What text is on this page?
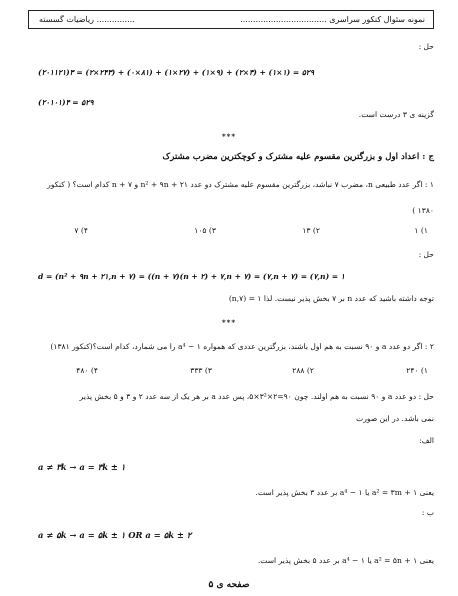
نمونه سئوال کنکور سراسری ..................................
............... ریاضیات گسسته
حل :
(۲۰۱۱۲۱)۳ = (۲×۲۴۳) + (۰×۸۱) + (۱×۲۷) + (۱×۹) + (۲×۳) + (۱×۱) = ۵۲۹
(۲۰۱۰۱)۴ = ۵۲۹
گزینه ی ۳ درست است.
***
ج : اعداد اول و بزرگترین مقسوم علیه مشترک و کوچکترین مضرب مشترک
۱ : اگر عدد طبیعی n، مضرب ۷ نباشد، بزرگترین مقسوم علیه مشترک دو عدد n² + ۹n + ۲۱ و n + ۷ کدام است؟ ( کنکور
۱۳۸۰ )
۱) ۱
۲) ۱۳
۳) ۱۰۵
۴) ۷
حل :
d = (n² + ۹n + ۲۱,n + ۷) = ((n + ۷)(n + ۲) + ۷,n + ۷) = (۷,n + ۷) = (۷,n) = ۱
توجه داشته باشید که عدد n بر ۷ بخش پذیر نیست. لذا ۱ = (۷,n)
***
۲ : اگر دو عدد a و ۹۰ نسبت به هم اول باشند، بزرگترین عددی که همواره a⁴ − ۱ را می شمارد، کدام است؟(کنکور ۱۳۸۱)
۱) ۲۴۰
۲) ۲۸۸
۳) ۳۳۳
۴) ۴۸۰
حل : دو عدد a و ۹۰ نسبت به هم اولند. چون ۹۰=۲×۳²×۵، پس عدد a بر هر یک از سه عدد ۲ و ۳ و ۵ بخش پذیر
نمی باشد. در این صورت
الف:
a ≠ ۳k → a = ۳k ± ۱
یعنی a² = ۳m + ۱ یا a⁴ − ۱ بر عدد ۳ بخش پذیر است.
ب :
a ≠ ۵k → a = ۵k ± ۱ OR a = ۵k ± ۲
یعنی a² = ۵n + ۱ یا a⁴ − ۱ بر عدد ۵ بخش پذیر است.
صفحه ی ۵
